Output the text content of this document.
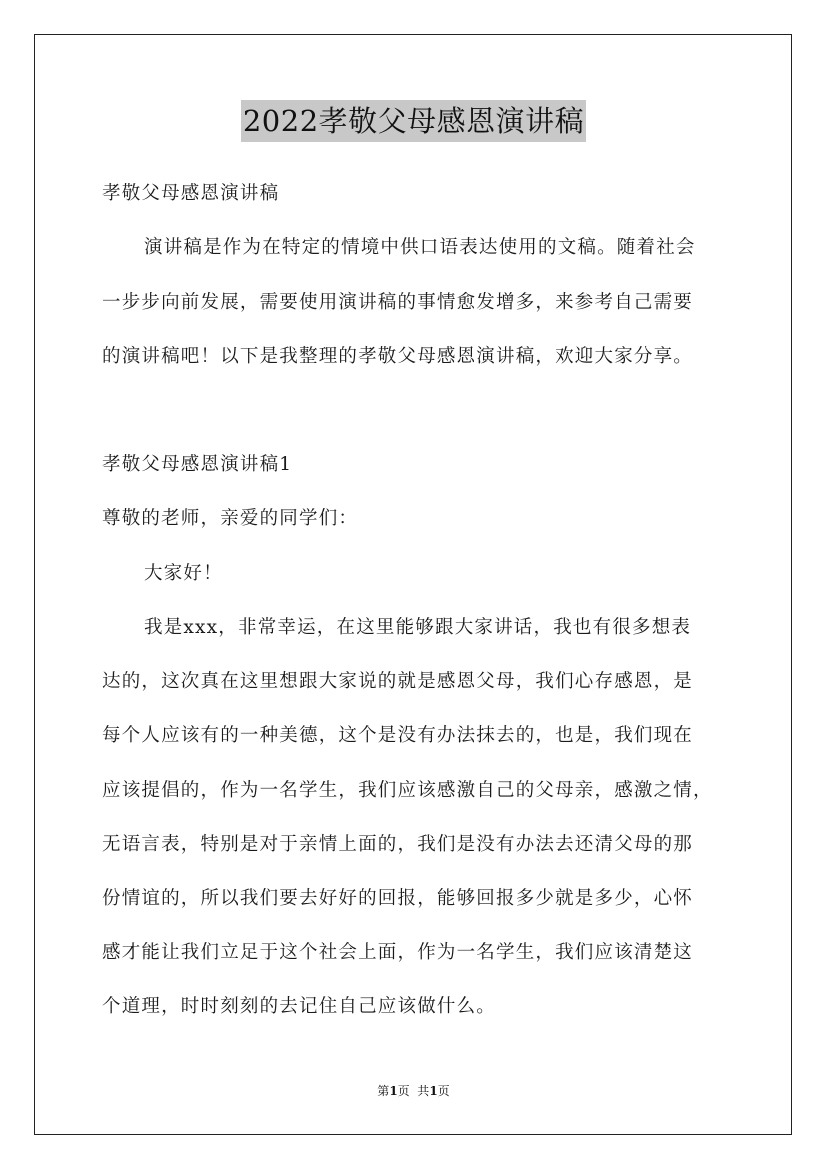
2022孝敬父母感恩演讲稿
孝敬父母感恩演讲稿
演讲稿是作为在特定的情境中供口语表达使用的文稿。随着社会
一步步向前发展，需要使用演讲稿的事情愈发增多，来参考自己需要
的演讲稿吧！以下是我整理的孝敬父母感恩演讲稿，欢迎大家分享。
孝敬父母感恩演讲稿1
尊敬的老师，亲爱的同学们：
大家好！
我是xxx，非常幸运，在这里能够跟大家讲话，我也有很多想表
达的，这次真在这里想跟大家说的就是感恩父母，我们心存感恩，是
每个人应该有的一种美德，这个是没有办法抹去的，也是，我们现在
应该提倡的，作为一名学生，我们应该感激自己的父母亲，感激之情，
无语言表，特别是对于亲情上面的，我们是没有办法去还清父母的那
份情谊的，所以我们要去好好的回报，能够回报多少就是多少，心怀
感才能让我们立足于这个社会上面，作为一名学生，我们应该清楚这
个道理，时时刻刻的去记住自己应该做什么。
第1页  共1页
